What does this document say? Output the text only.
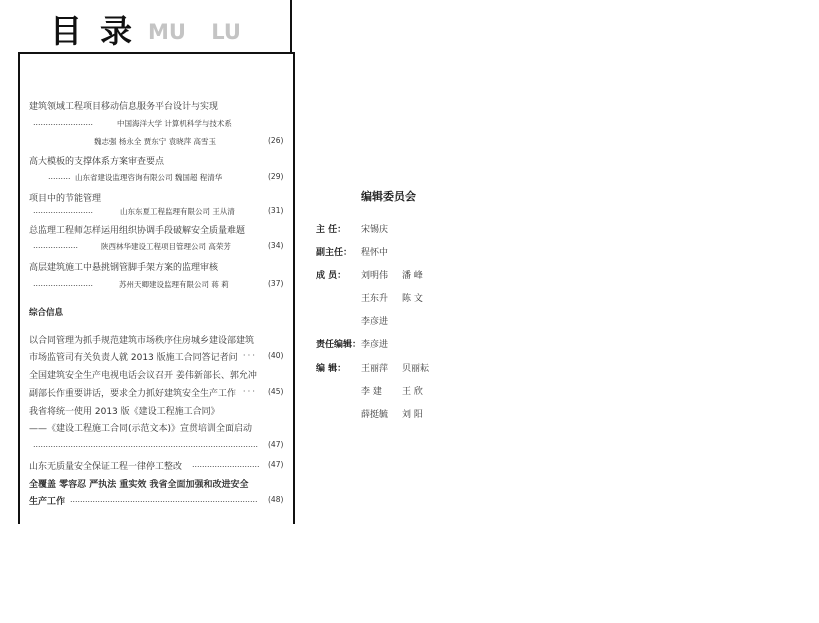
目录
MU LU
建筑领域工程项目移动信息服务平台设计与实现
……………………	中国海洋大学 计算机科学与技术系
魏志强 杨永全 贾东宁 袁晓萍 高雪玉	(26)
高大模板的支撑体系方案审查要点
……… 山东省建设监理咨询有限公司 魏国超 程清华	(29)
项目中的节能管理
……………………	山东东夏工程监理有限公司 王从清	(31)
总监理工程师怎样运用组织协调手段破解安全质量难题
………………	陕西林华建设工程项目管理公司 高荣芳	(34)
高层建筑施工中悬挑钢管脚手架方案的监理审核
……………………	苏州天卿建设监理有限公司 蒋 莉	(37)
综合信息
以合同管理为抓手规范建筑市场秩序住房城乡建设部建筑
市场监管司有关负责人就 2013 版施工合同答记者问 · · · (40)
全国建筑安全生产电视电话会议召开 姜伟新部长、郭允冲
副部长作重要讲话，要求全力抓好建筑安全生产工作 · · · (45)
我省将统一使用 2013 版《建设工程施工合同》
——《建设工程施工合同(示范文本)》宣贯培训全面启动
……………………………………………………………………………… (47)
山东无质量安全保证工程一律停工整改 ……………………… (47)
全覆盖 零容忍 严执法 重实效 我省全面加强和改进安全
生产工作 ………………………………………………………………… (48)
编辑委员会
主 任： 宋锡庆
副主任： 程怀中
成 员： 刘明伟 潘 峰
王东升 陈 文
李彦进
责任编辑： 李彦进
编 辑： 王丽萍 贝丽耘
李 建 王 欣
薛挺毓 刘 阳
